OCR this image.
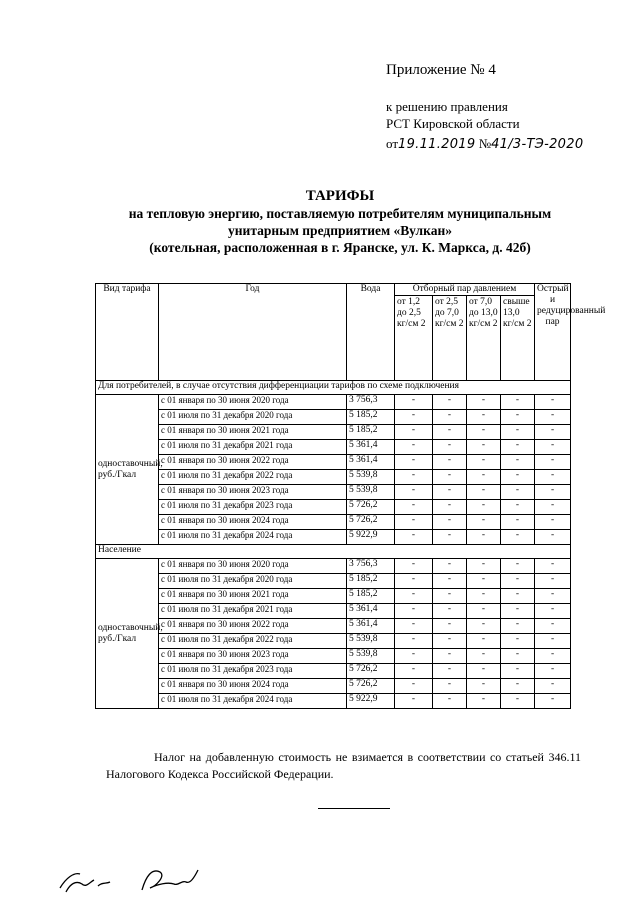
Приложение № 4
к решению правления
РСТ Кировской области
от19.11.2019 №41/3-ТЭ-2020
ТАРИФЫ
на тепловую энергию, поставляемую потребителям муниципальным
унитарным предприятием «Вулкан»
(котельная, расположенная в г. Яранске, ул. К. Маркса, д. 42б)
Вид тарифа	Год	Вода	Отборный пар давлением				Острый и редуцированный пар
			от 1,2 до 2,5 кг/см 2	от 2,5 до 7,0 кг/см 2	от 7,0 до 13,0 кг/см 2	свыше 13,0 кг/см 2	
Для потребителей, в случае отсутствия дифференциации тарифов по схеме подключения							
одноставочный, руб./Гкал	с 01 января по 30 июня 2020 года	3 756,3	-	-	-	-	-
	с 01 июля по 31 декабря 2020 года	5 185,2	-	-	-	-	-
	с 01 января по 30 июня 2021 года	5 185,2	-	-	-	-	-
	с 01 июля по 31 декабря 2021 года	5 361,4	-	-	-	-	-
	с 01 января по 30 июня 2022 года	5 361,4	-	-	-	-	-
	с 01 июля по 31 декабря 2022 года	5 539,8	-	-	-	-	-
	с 01 января по 30 июня 2023 года	5 539,8	-	-	-	-	-
	с 01 июля по 31 декабря 2023 года	5 726,2	-	-	-	-	-
	с 01 января по 30 июня 2024 года	5 726,2	-	-	-	-	-
	с 01 июля по 31 декабря 2024 года	5 922,9	-	-	-	-	-
Население							
одноставочный, руб./Гкал	с 01 января по 30 июня 2020 года	3 756,3	-	-	-	-	-
	с 01 июля по 31 декабря 2020 года	5 185,2	-	-	-	-	-
	с 01 января по 30 июня 2021 года	5 185,2	-	-	-	-	-
	с 01 июля по 31 декабря 2021 года	5 361,4	-	-	-	-	-
	с 01 января по 30 июня 2022 года	5 361,4	-	-	-	-	-
	с 01 июля по 31 декабря 2022 года	5 539,8	-	-	-	-	-
	с 01 января по 30 июня 2023 года	5 539,8	-	-	-	-	-
	с 01 июля по 31 декабря 2023 года	5 726,2	-	-	-	-	-
	с 01 января по 30 июня 2024 года	5 726,2	-	-	-	-	-
	с 01 июля по 31 декабря 2024 года	5 922,9	-	-	-	-	-
Налог на добавленную стоимость не взимается в соответствии со статьей 346.11 Налогового Кодекса Российской Федерации.
